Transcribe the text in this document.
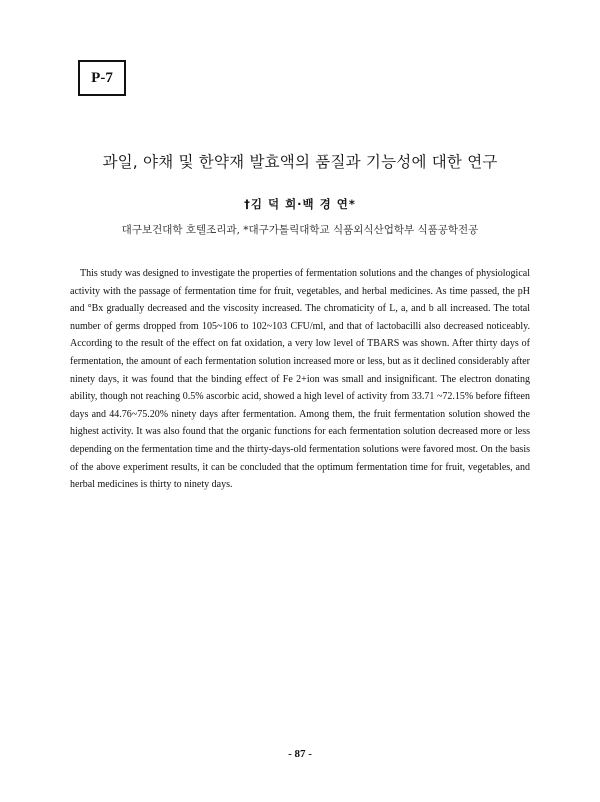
P-7
과일, 야채 및 한약재 발효액의 품질과 기능성에 대한 연구
†김 덕 희·백 경 연*
대구보건대학 호텔조리과, *대구가톨릭대학교 식품외식산업학부 식품공학전공

This study was designed to investigate the properties of fermentation solutions and the changes of physiological activity with the passage of fermentation time for fruit, vegetables, and herbal medicines. As time passed, the pH and °Bx gradually decreased and the viscosity increased. The chromaticity of L, a, and b all increased. The total number of germs dropped from 105~106 to 102~103 CFU/ml, and that of lactobacilli also decreased noticeably. According to the result of the effect on fat oxidation, a very low level of TBARS was shown. After thirty days of fermentation, the amount of each fermentation solution increased more or less, but as it declined considerably after ninety days, it was found that the binding effect of Fe 2+ion was small and insignificant. The electron donating ability, though not reaching 0.5% ascorbic acid, showed a high level of activity from 33.71 ~72.15% before fifteen days and 44.76~75.20% ninety days after fermentation. Among them, the fruit fermentation solution showed the highest activity. It was also found that the organic functions for each fermentation solution decreased more or less depending on the fermentation time and the thirty-days-old fermentation solutions were favored most. On the basis of the above experiment results, it can be concluded that the optimum fermentation time for fruit, vegetables, and herbal medicines is thirty to ninety days.

- 87 -
